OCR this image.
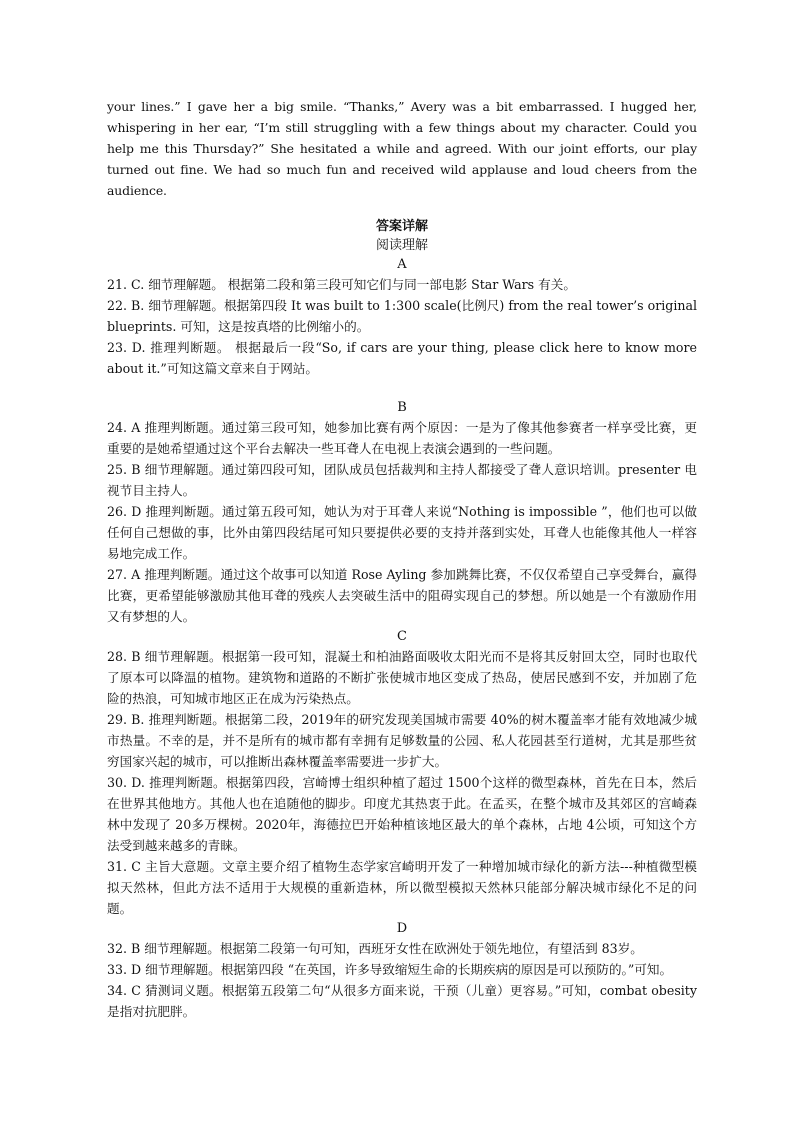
your lines.” I gave her a big smile. “Thanks,” Avery was a bit embarrassed. I hugged her, whispering in her ear, “I’m still struggling with a few things about my character. Could you help me this Thursday?” She hesitated a while and agreed. With our joint efforts, our play turned out fine. We had so much fun and received wild applause and loud cheers from the audience.

答案详解
阅读理解
A

21. C. 细节理解题。 根据第二段和第三段可知它们与同一部电影 Star Wars 有关。

22. B. 细节理解题。根据第四段 It was built to 1:300 scale(比例尺) from the real tower’s original blueprints. 可知，这是按真塔的比例缩小的。

23. D. 推理判断题。 根据最后一段“So, if cars are your thing, please click here to know more about it.”可知这篇文章来自于网站。

B

24. A 推理判断题。通过第三段可知，她参加比赛有两个原因：一是为了像其他参赛者一样享受比赛，更重要的是她希望通过这个平台去解决一些耳聋人在电视上表演会遇到的一些问题。

25. B 细节理解题。通过第四段可知，团队成员包括裁判和主持人都接受了聋人意识培训。presenter 电视节目主持人。

26. D 推理判断题。通过第五段可知，她认为对于耳聋人来说“Nothing is impossible ”，他们也可以做任何自己想做的事，比外由第四段结尾可知只要提供必要的支持并落到实处，耳聋人也能像其他人一样容易地完成工作。

27. A 推理判断题。通过这个故事可以知道 Rose Ayling 参加跳舞比赛，不仅仅希望自己享受舞台，赢得比赛，更希望能够激励其他耳聋的残疾人去突破生活中的阻碍实现自己的梦想。所以她是一个有激励作用又有梦想的人。

C

28. B 细节理解题。根据第一段可知，混凝土和柏油路面吸收太阳光而不是将其反射回太空，同时也取代了原本可以降温的植物。建筑物和道路的不断扩张使城市地区变成了热岛，使居民感到不安，并加剧了危险的热浪，可知城市地区正在成为污染热点。

29. B. 推理判断题。根据第二段，2019年的研究发现美国城市需要 40%的树木覆盖率才能有效地减少城市热量。不幸的是，并不是所有的城市都有幸拥有足够数量的公园、私人花园甚至行道树，尤其是那些贫穷国家兴起的城市，可以推断出森林覆盖率需要进一步扩大。

30. D. 推理判断题。根据第四段，宫崎博士组织种植了超过 1500个这样的微型森林，首先在日本，然后在世界其他地方。其他人也在追随他的脚步。印度尤其热衷于此。在孟买，在整个城市及其郊区的宫崎森林中发现了 20多万棵树。2020年，海德拉巴开始种植该地区最大的单个森林，占地 4公顷，可知这个方法受到越来越多的青睐。

31. C 主旨大意题。文章主要介绍了植物生态学家宫崎明开发了一种增加城市绿化的新方法---种植微型模拟天然林，但此方法不适用于大规模的重新造林，所以微型模拟天然林只能部分解决城市绿化不足的问题。

D

32. B 细节理解题。根据第二段第一句可知，西班牙女性在欧洲处于领先地位，有望活到 83岁。

33. D 细节理解题。根据第四段 “在英国，许多导致缩短生命的长期疾病的原因是可以预防的。”可知。

34. C 猜测词义题。根据第五段第二句“从很多方面来说，干预（儿童）更容易。”可知，combat obesity 是指对抗肥胖。
